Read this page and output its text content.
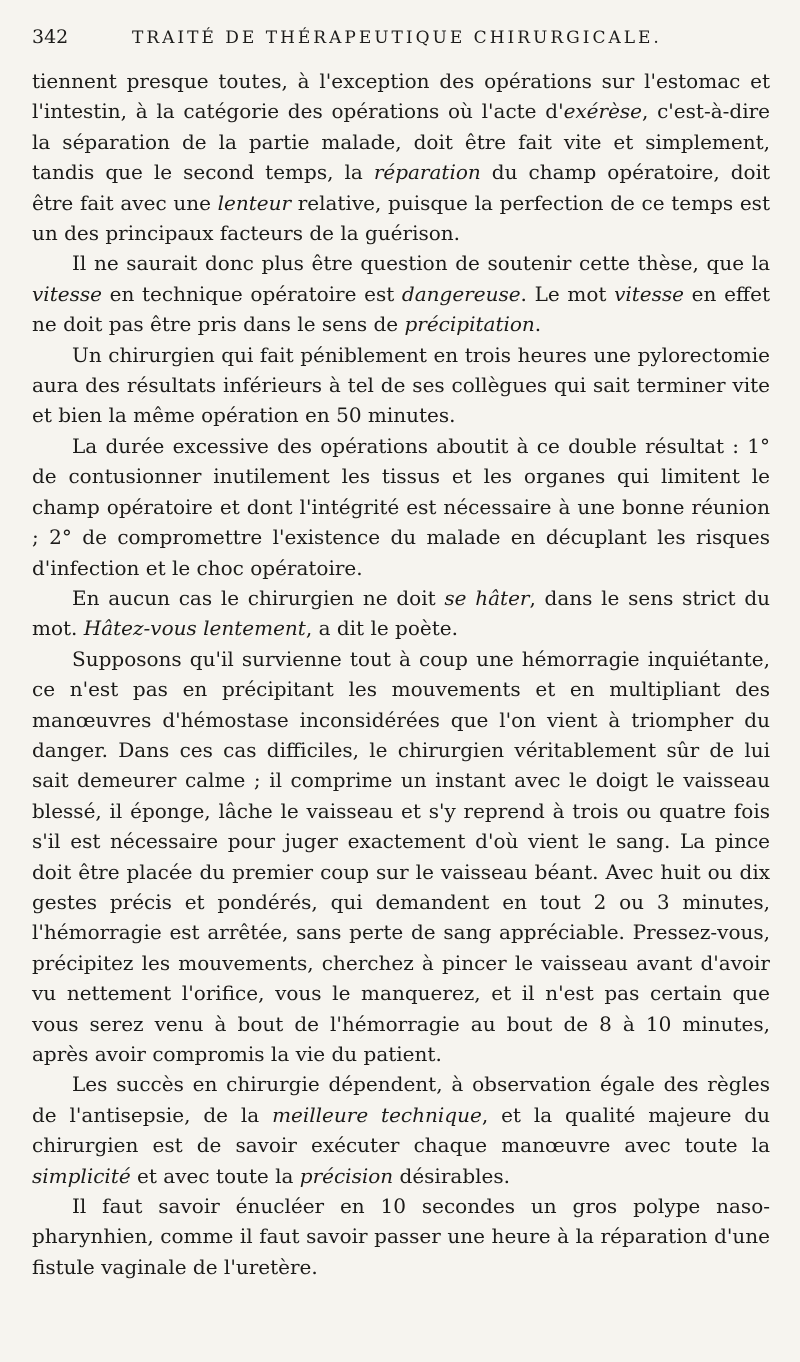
342	TRAITÉ DE THÉRAPEUTIQUE CHIRURGICALE.

tiennent presque toutes, à l'exception des opérations sur l'estomac et l'intestin, à la catégorie des opérations où l'acte d'exérèse, c'est-à-dire la séparation de la partie malade, doit être fait vite et simplement, tandis que le second temps, la réparation du champ opératoire, doit être fait avec une lenteur relative, puisque la perfection de ce temps est un des principaux facteurs de la guérison.

Il ne saurait donc plus être question de soutenir cette thèse, que la vitesse en technique opératoire est dangereuse. Le mot vitesse en effet ne doit pas être pris dans le sens de précipitation.

Un chirurgien qui fait péniblement en trois heures une pylorectomie aura des résultats inférieurs à tel de ses collègues qui sait terminer vite et bien la même opération en 50 minutes.

La durée excessive des opérations aboutit à ce double résultat : 1° de contusionner inutilement les tissus et les organes qui limitent le champ opératoire et dont l'intégrité est nécessaire à une bonne réunion ; 2° de compromettre l'existence du malade en décuplant les risques d'infection et le choc opératoire.

En aucun cas le chirurgien ne doit se hâter, dans le sens strict du mot. Hâtez-vous lentement, a dit le poète.

Supposons qu'il survienne tout à coup une hémorragie inquiétante, ce n'est pas en précipitant les mouvements et en multipliant des manœuvres d'hémostase inconsidérées que l'on vient à triompher du danger. Dans ces cas difficiles, le chirurgien véritablement sûr de lui sait demeurer calme ; il comprime un instant avec le doigt le vaisseau blessé, il éponge, lâche le vaisseau et s'y reprend à trois ou quatre fois s'il est nécessaire pour juger exactement d'où vient le sang. La pince doit être placée du premier coup sur le vaisseau béant. Avec huit ou dix gestes précis et pondérés, qui demandent en tout 2 ou 3 minutes, l'hémorragie est arrêtée, sans perte de sang appréciable. Pressez-vous, précipitez les mouvements, cherchez à pincer le vaisseau avant d'avoir vu nettement l'orifice, vous le manquerez, et il n'est pas certain que vous serez venu à bout de l'hémorragie au bout de 8 à 10 minutes, après avoir compromis la vie du patient.

Les succès en chirurgie dépendent, à observation égale des règles de l'antisepsie, de la meilleure technique, et la qualité majeure du chirurgien est de savoir exécuter chaque manœuvre avec toute la simplicité et avec toute la précision désirables.

Il faut savoir énucléer en 10 secondes un gros polype naso-pharynhien, comme il faut savoir passer une heure à la réparation d'une fistule vaginale de l'uretère.
